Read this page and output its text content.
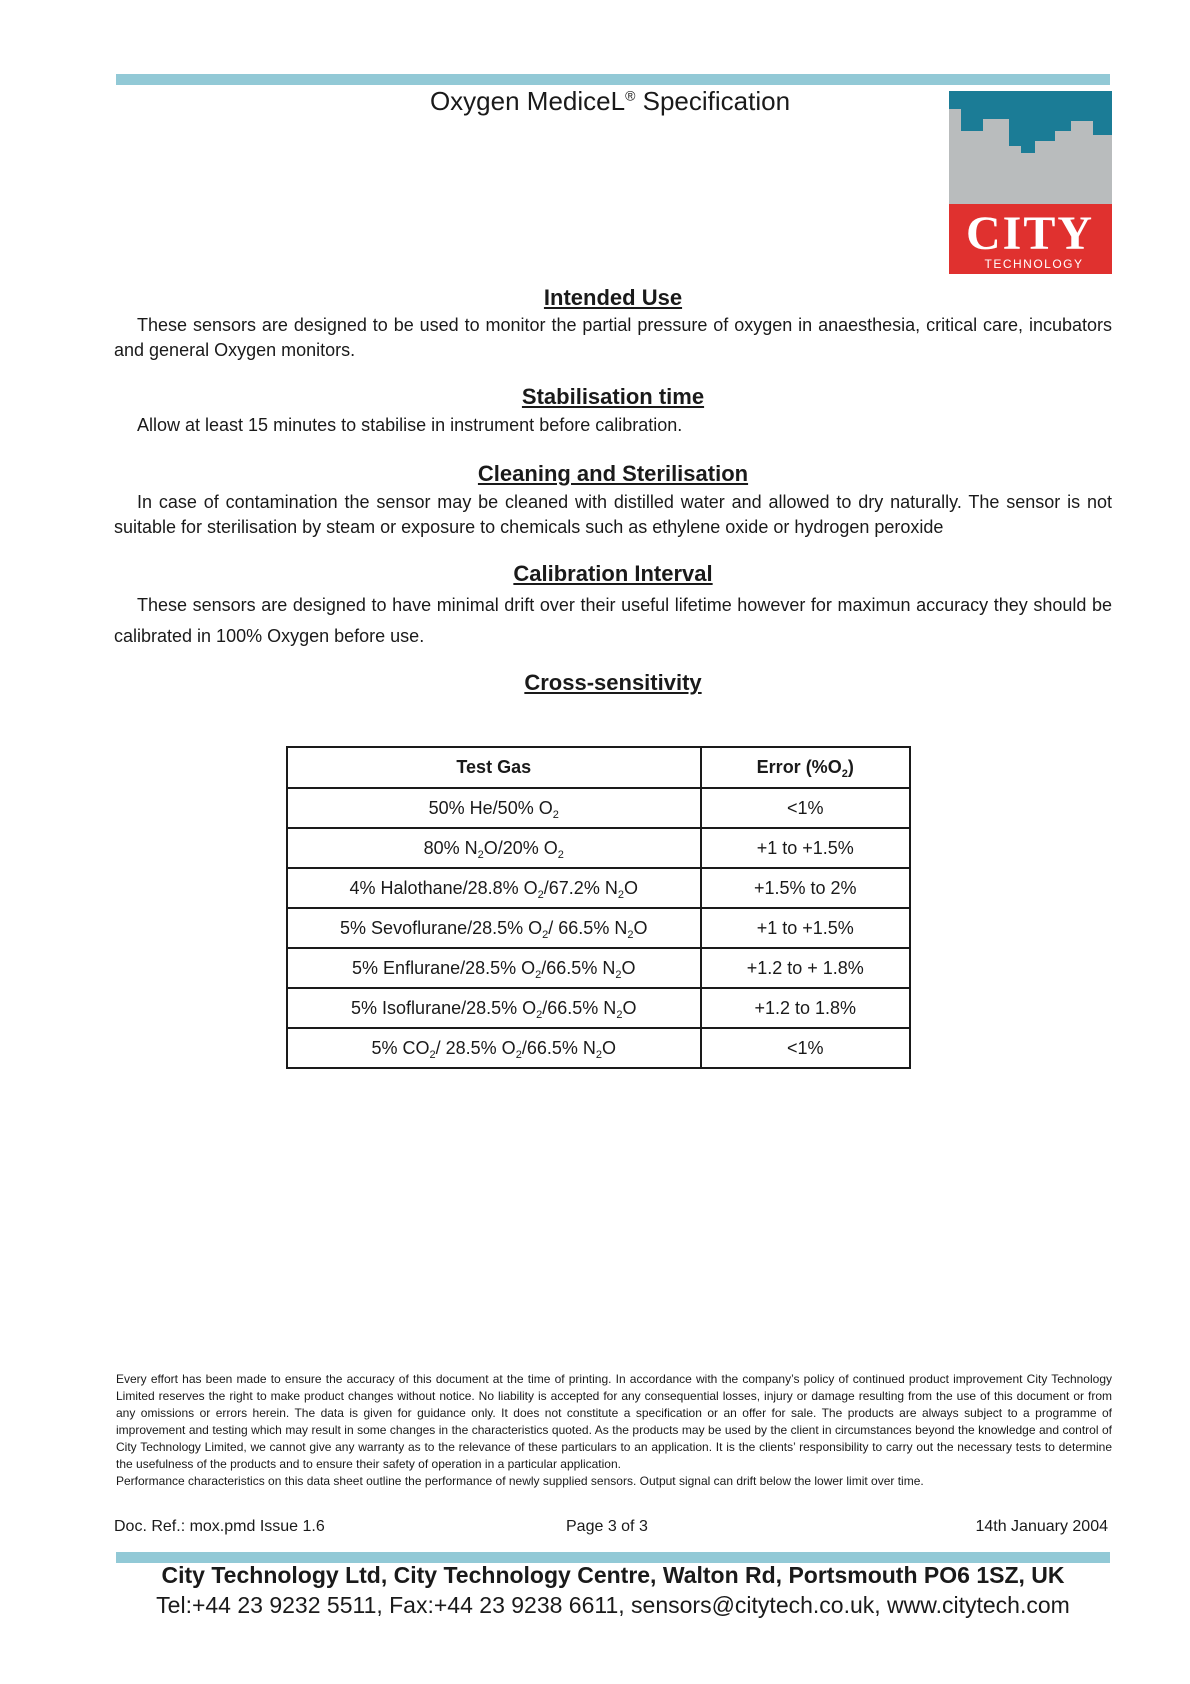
Oxygen MediceL® Specification
CITY
TECHNOLOGY
Intended Use
These sensors are designed to be used to monitor the partial pressure of oxygen in anaesthesia, critical care, incubators and general Oxygen monitors.
Stabilisation time
Allow at least 15 minutes to stabilise in instrument before calibration.
Cleaning and Sterilisation
In case of contamination the sensor may be cleaned with distilled water and allowed to dry naturally. The sensor is not suitable for sterilisation by steam or exposure to chemicals such as ethylene oxide or hydrogen peroxide
Calibration Interval
These sensors are designed to have minimal drift over their useful lifetime however for maximun accuracy they should be calibrated in 100% Oxygen before use.
Cross-sensitivity
Test Gas	Error $(\%O_2)$
50% He/50% $O_2$	<1%
80% $N_2O/20\%$ $O_2$	+1 to +1.5%
4% Halothane/28.8% $O_2/67.2\%$ $N_2O$	+1.5% to 2%
5% Sevoflurane/28.5% $O_2/$ 66.5% $N_2O$	+1 to +1.5%
5% Enflurane/28.5% $O_2/66.5\%$ $N_2O$	+1.2 to + 1.8%
5% Isoflurane/28.5% $O_2/66.5\%$ $N_2O$	+1.2 to 1.8%
5% $CO_2/$ 28.5% $O_2/66.5\%$ $N_2O$	<1%
Every effort has been made to ensure the accuracy of this document at the time of printing. In accordance with the company’s policy of continued product improvement City Technology Limited reserves the right to make product changes without notice. No liability is accepted for any consequential losses, injury or damage resulting from the use of this document or from any omissions or errors herein. The data is given for guidance only. It does not constitute a specification or an offer for sale. The products are always subject to a programme of improvement and testing which may result in some changes in the characteristics quoted. As the products may be used by the client in circumstances beyond the knowledge and control of City Technology Limited, we cannot give any warranty as to the relevance of these particulars to an application. It is the clients’ responsibility to carry out the necessary tests to determine the usefulness of the products and to ensure their safety of operation in a particular application.
Performance characteristics on this data sheet outline the performance of newly supplied sensors. Output signal can drift below the lower limit over time.
Doc. Ref.: mox.pmd Issue 1.6	Page 3 of 3	14th January 2004
City Technology Ltd, City Technology Centre, Walton Rd, Portsmouth PO6 1SZ, UK
Tel:+44 23 9232 5511, Fax:+44 23 9238 6611, sensors@citytech.co.uk, www.citytech.com
